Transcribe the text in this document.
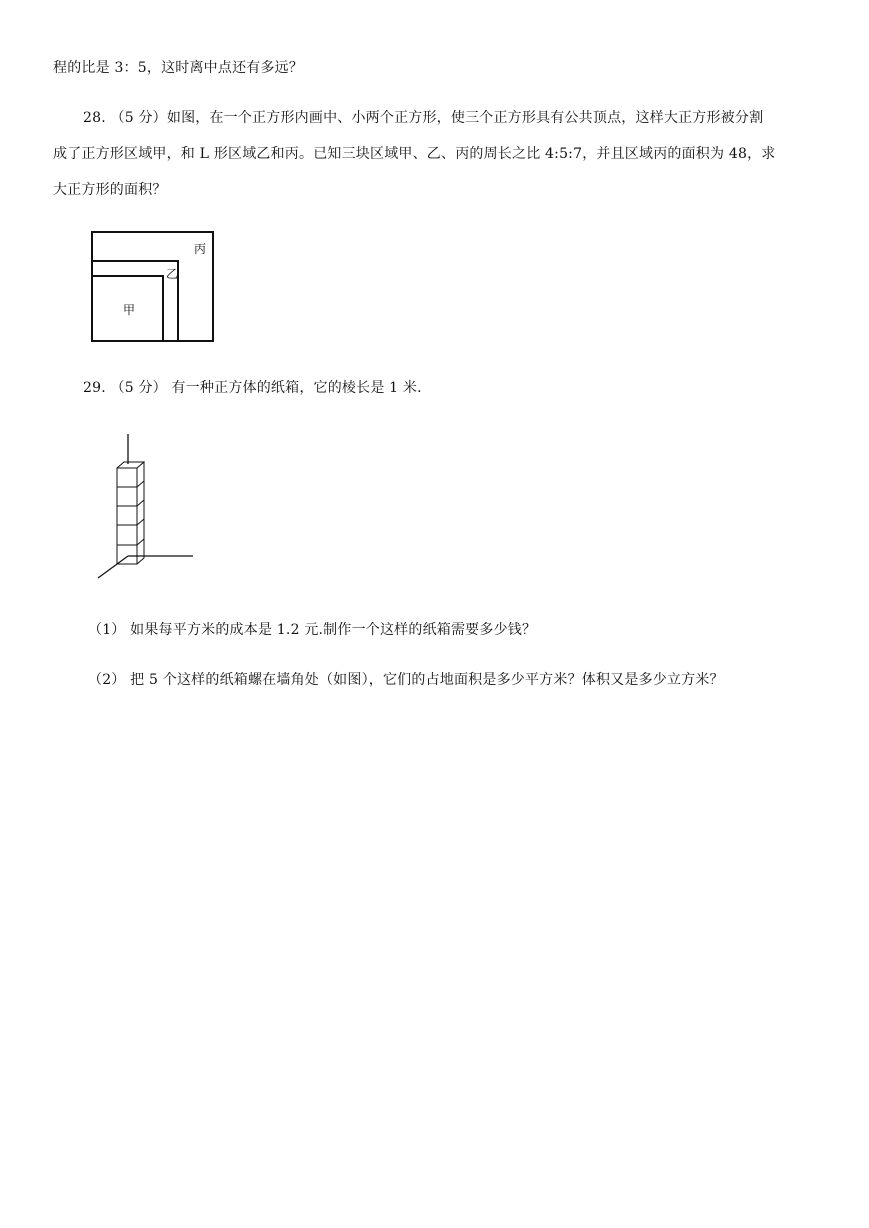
程的比是 3：5，这时离中点还有多远？
28. （5 分）如图，在一个正方形内画中、小两个正方形，使三个正方形具有公共顶点，这样大正方形被分割
成了正方形区域甲，和 L 形区域乙和丙。已知三块区域甲、乙、丙的周长之比 4:5:7，并且区域丙的面积为 48，求
大正方形的面积？
丙
乙
甲
29. （5 分） 有一种正方体的纸箱，它的棱长是 1 米.
（1） 如果每平方米的成本是 1.2 元.制作一个这样的纸箱需要多少钱？
（2） 把 5 个这样的纸箱螺在墙角处（如图），它们的占地面积是多少平方米？体积又是多少立方米？
